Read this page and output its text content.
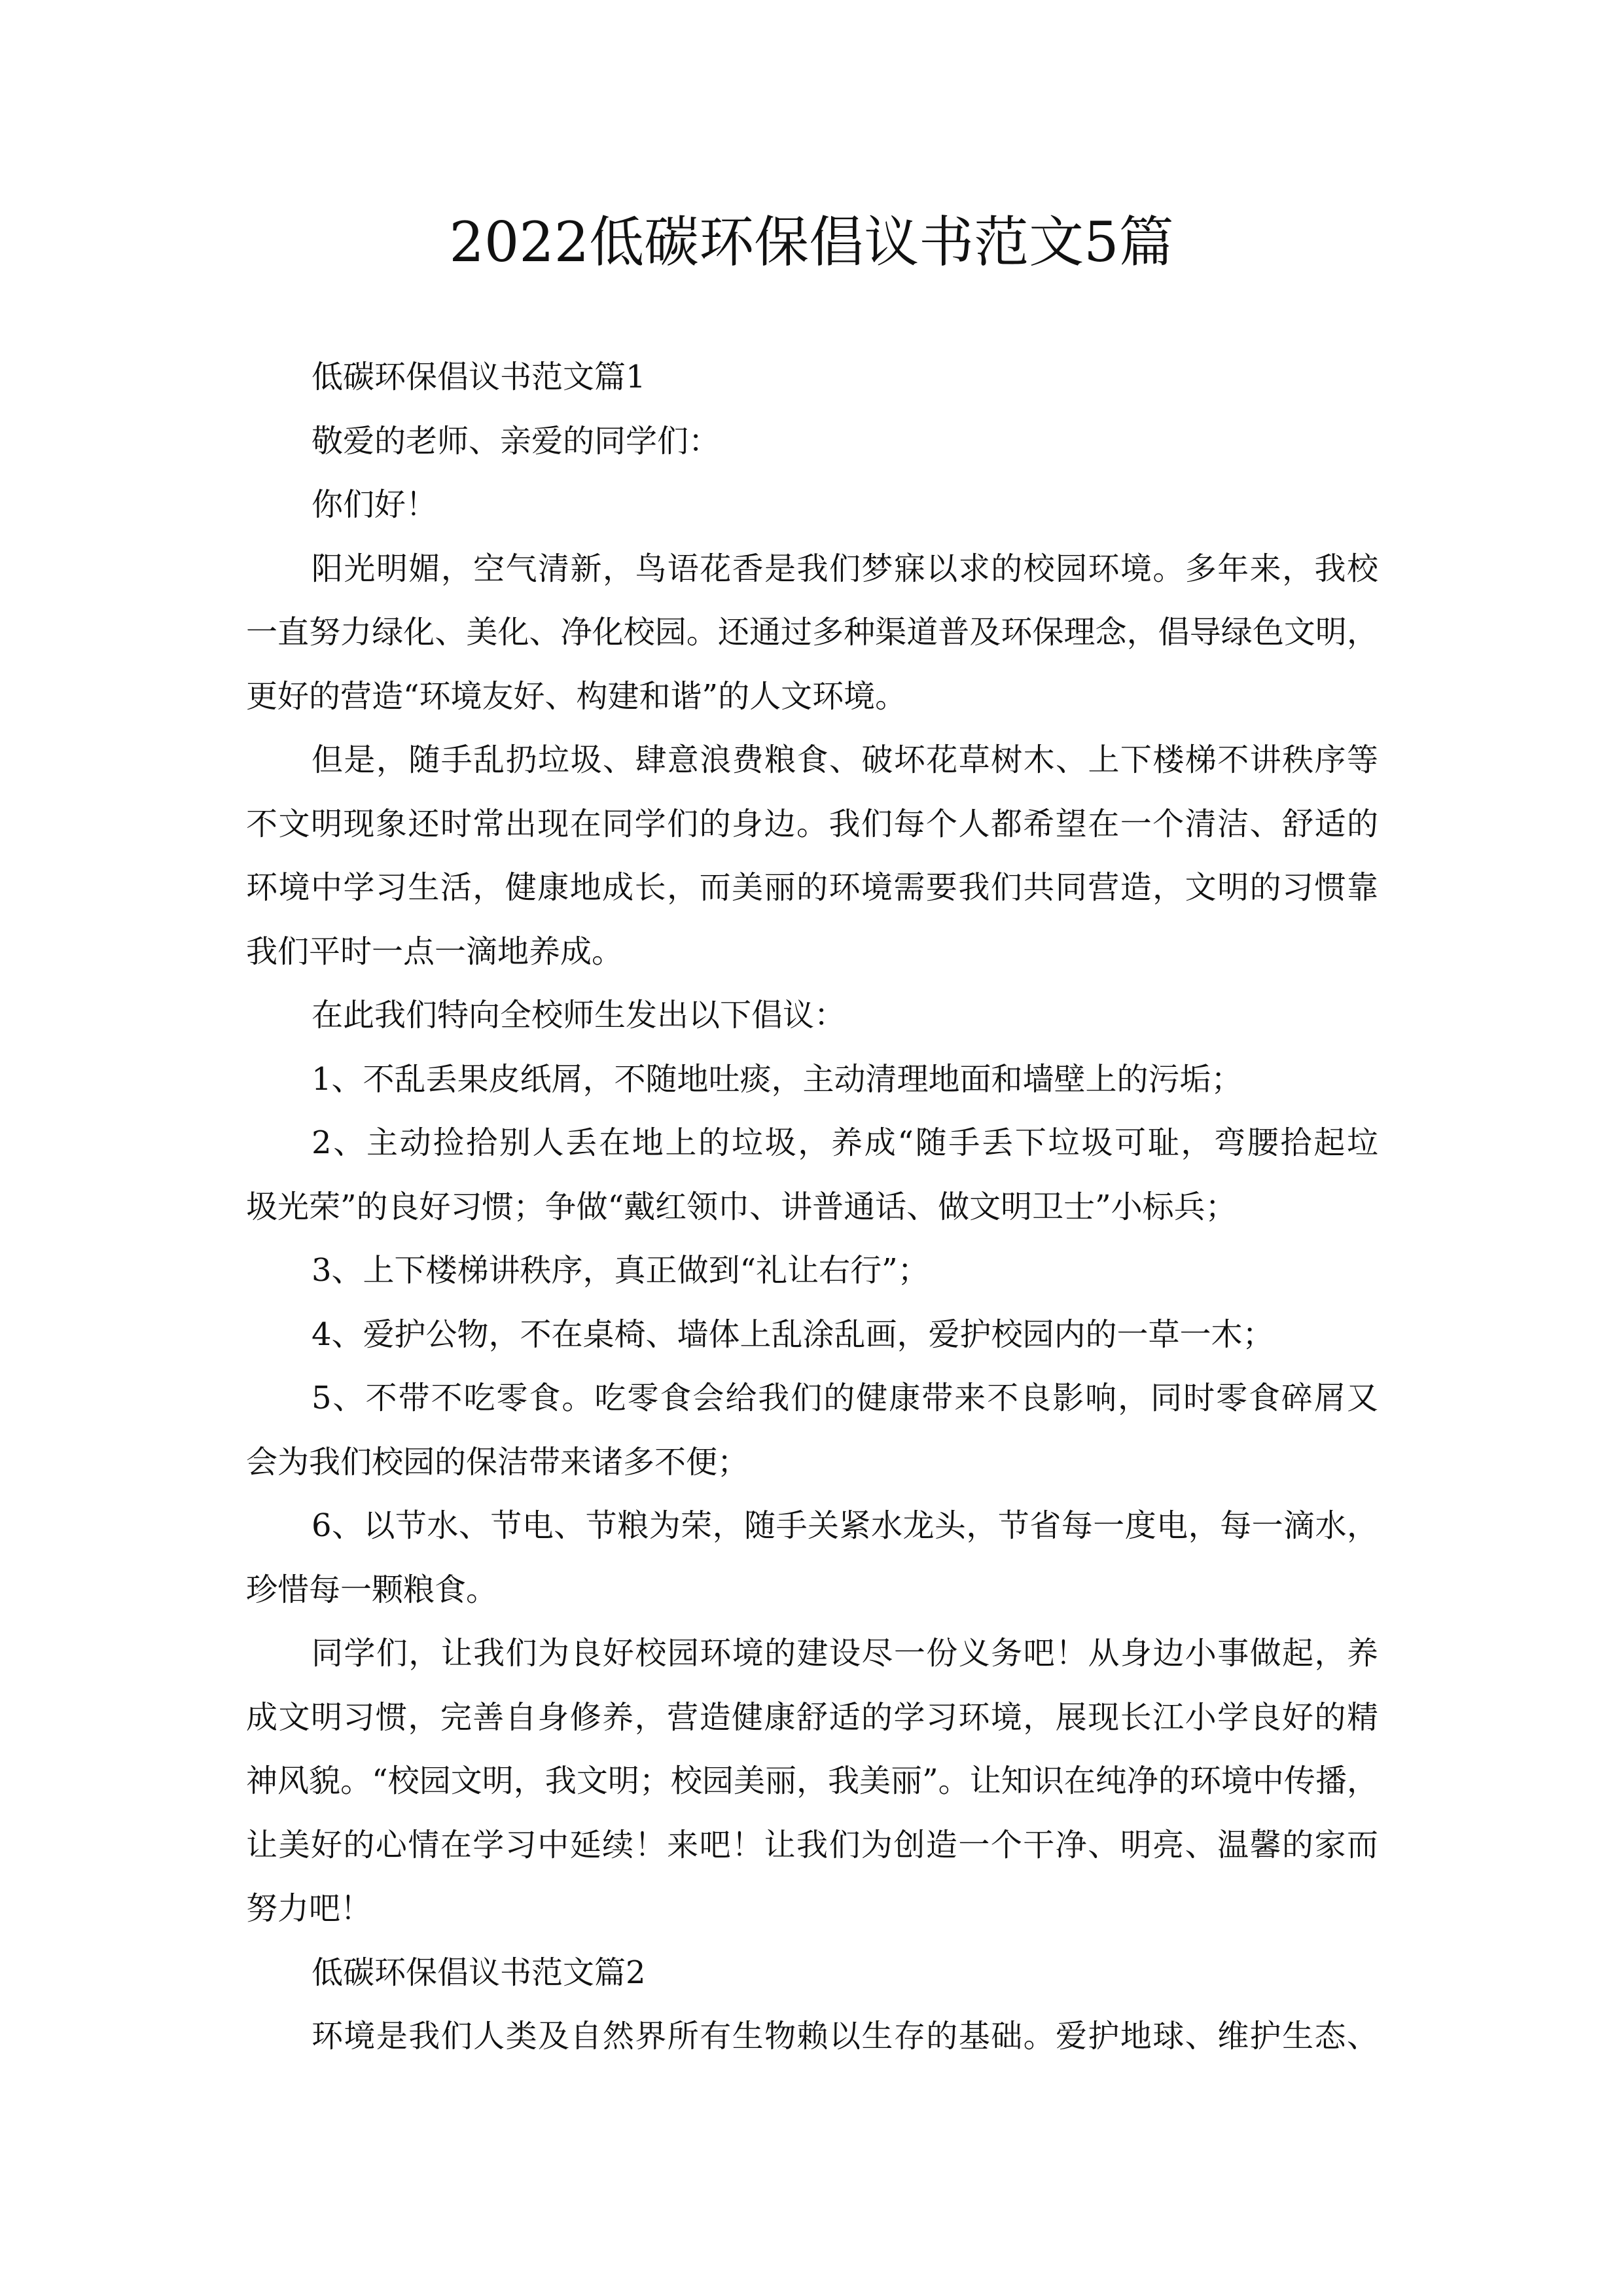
2022低碳环保倡议书范文5篇
低碳环保倡议书范文篇1
敬爱的老师、亲爱的同学们：
你们好！
阳光明媚，空气清新，鸟语花香是我们梦寐以求的校园环境。多年来，我校
一直努力绿化、美化、净化校园。还通过多种渠道普及环保理念，倡导绿色文明，
更好的营造“环境友好、构建和谐”的人文环境。
但是，随手乱扔垃圾、肆意浪费粮食、破坏花草树木、上下楼梯不讲秩序等
不文明现象还时常出现在同学们的身边。我们每个人都希望在一个清洁、舒适的
环境中学习生活，健康地成长，而美丽的环境需要我们共同营造，文明的习惯靠
我们平时一点一滴地养成。
在此我们特向全校师生发出以下倡议：
1、不乱丢果皮纸屑，不随地吐痰，主动清理地面和墙壁上的污垢；
2、主动捡拾别人丢在地上的垃圾，养成“随手丢下垃圾可耻，弯腰拾起垃
圾光荣”的良好习惯；争做“戴红领巾、讲普通话、做文明卫士”小标兵；
3、上下楼梯讲秩序，真正做到“礼让右行”；
4、爱护公物，不在桌椅、墙体上乱涂乱画，爱护校园内的一草一木；
5、不带不吃零食。吃零食会给我们的健康带来不良影响，同时零食碎屑又
会为我们校园的保洁带来诸多不便；
6、以节水、节电、节粮为荣，随手关紧水龙头，节省每一度电，每一滴水，
珍惜每一颗粮食。
同学们，让我们为良好校园环境的建设尽一份义务吧！从身边小事做起，养
成文明习惯，完善自身修养，营造健康舒适的学习环境，展现长江小学良好的精
神风貌。“校园文明，我文明；校园美丽，我美丽”。让知识在纯净的环境中传播，
让美好的心情在学习中延续！来吧！让我们为创造一个干净、明亮、温馨的家而
努力吧！
低碳环保倡议书范文篇2
环境是我们人类及自然界所有生物赖以生存的基础。爱护地球、维护生态、
